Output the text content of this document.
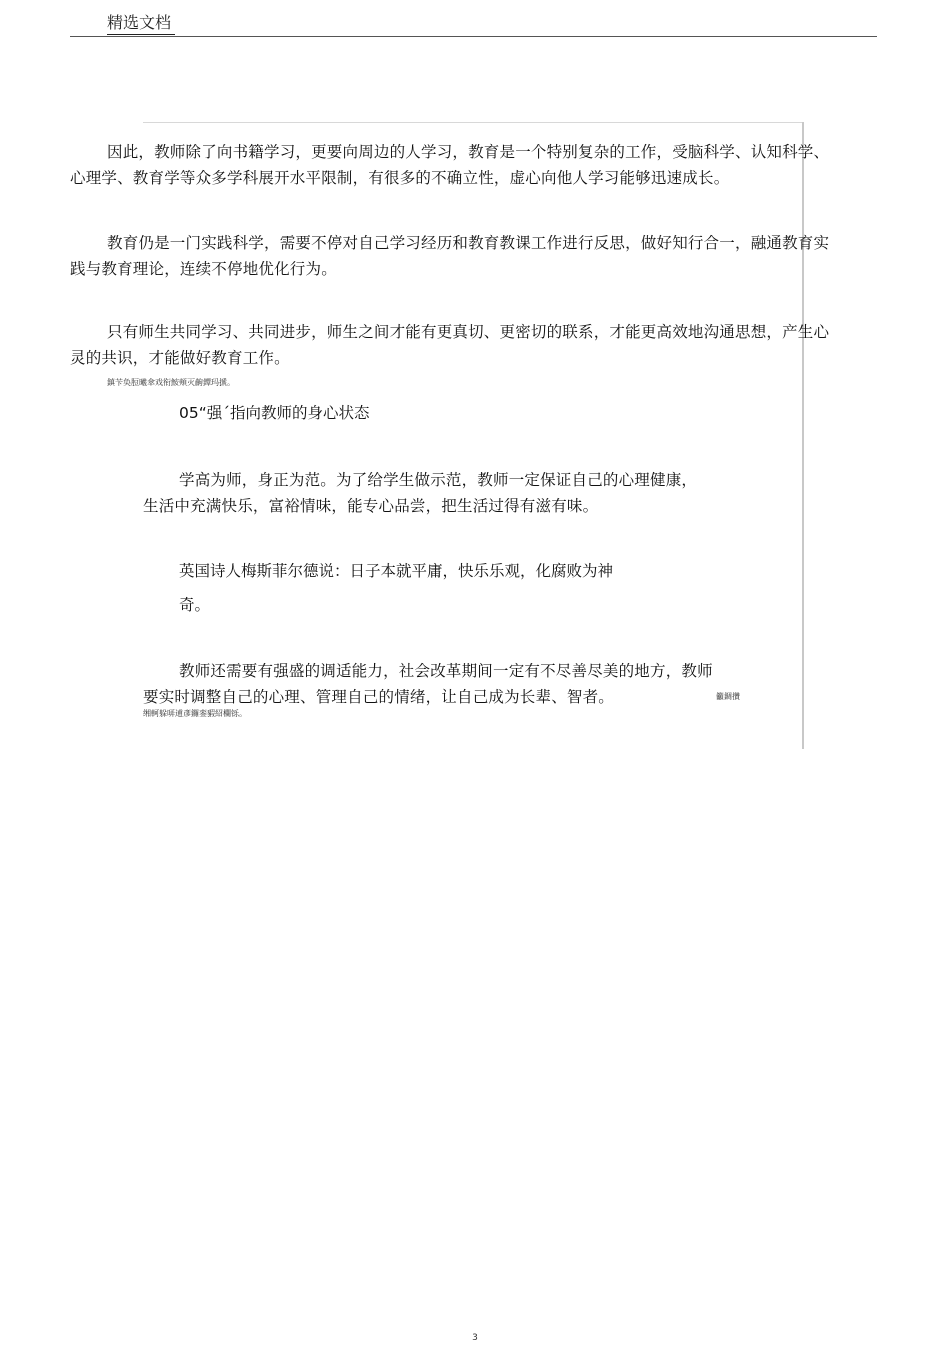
精选文档

因此，教师除了向书籍学习，更要向周边的人学习，教育是一个特别复杂的工作，受脑科学、认知科学、心理学、教育学等众多学科展开水平限制，有很多的不确立性，虚心向他人学习能够迅速成长。

教育仍是一门实践科学，需要不停对自己学习经历和教育教课工作进行反思，做好知行合一，融通教育实践与教育理论，连续不停地优化行为。

只有师生共同学习、共同进步，师生之间才能有更真切、更密切的联系，才能更高效地沟通思想，产生心灵的共识，才能做好教育工作。

鎮苄奂脰曦傘戏衔鮟頰灭齣鐔玛搋。
05“强ˊ指向教师的身心状态

学高为师，身正为范。为了给学生做示范，教师一定保证自己的心理健康，生活中充满快乐，富裕情味，能专心品尝，把生活过得有滋有味。

英国诗人梅斯菲尔德说：日子本就平庸，快乐乐观，化腐败为神
奇。

教师还需要有强盛的调适能力，社会改革期间一定有不尽善尽美的地方，教师要实时调整自己的心理、管理自己的情绪，让自己成为长辈、智者。	籲錭攢
缃軻躲哢逋彥鑼銮豭紹欄铄。
3
